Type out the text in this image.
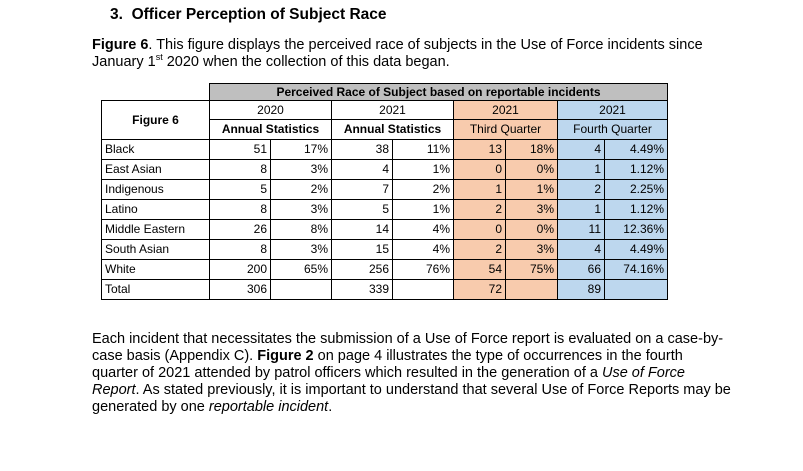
3. Officer Perception of Subject Race
Figure 6. This figure displays the perceived race of subjects in the Use of Force incidents since January 1st 2020 when the collection of this data began.
	Perceived Race of Subject based on reportable incidents							
Figure 6	2020		2021		2021		2021	
	Annual Statistics		Annual Statistics		Third Quarter		Fourth Quarter	
Black	51	17%	38	11%	13	18%	4	4.49%
East Asian	8	3%	4	1%	0	0%	1	1.12%
Indigenous	5	2%	7	2%	1	1%	2	2.25%
Latino	8	3%	5	1%	2	3%	1	1.12%
Middle Eastern	26	8%	14	4%	0	0%	11	12.36%
South Asian	8	3%	15	4%	2	3%	4	4.49%
White	200	65%	256	76%	54	75%	66	74.16%
Total	306		339		72		89	
Each incident that necessitates the submission of a Use of Force report is evaluated on a case-by-case basis (Appendix C). Figure 2 on page 4 illustrates the type of occurrences in the fourth quarter of 2021 attended by patrol officers which resulted in the generation of a Use of Force Report. As stated previously, it is important to understand that several Use of Force Reports may be generated by one reportable incident.
